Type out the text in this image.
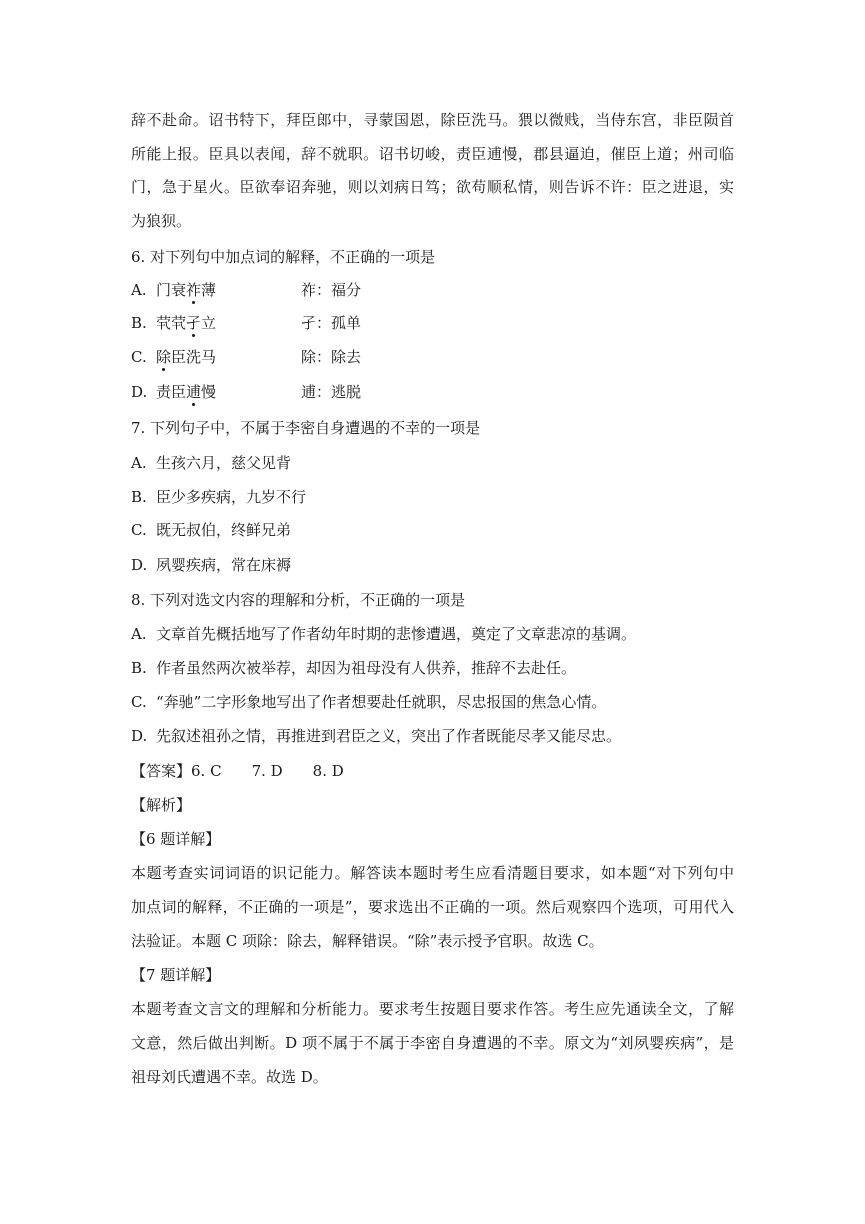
辞不赴命。诏书特下，拜臣郎中，寻蒙国恩，除臣洗马。猥以微贱，当侍东宫，非臣陨首
所能上报。臣具以表闻，辞不就职。诏书切峻，责臣逋慢，郡县逼迫，催臣上道；州司临
门，急于星火。臣欲奉诏奔驰，则以刘病日笃；欲苟顺私情，则告诉不许：臣之进退，实
为狼狈。
6. 对下列句中加点词的解释，不正确的一项是
A. 门衰祚薄	祚：福分
B. 茕茕孑立	孑：孤单
C. 除臣洗马	除：除去
D. 责臣逋慢	逋：逃脱
7. 下列句子中，不属于李密自身遭遇的不幸的一项是
A. 生孩六月，慈父见背
B. 臣少多疾病，九岁不行
C. 既无叔伯，终鲜兄弟
D. 夙婴疾病，常在床褥
8. 下列对选文内容的理解和分析，不正确的一项是
A. 文章首先概括地写了作者幼年时期的悲惨遭遇，奠定了文章悲凉的基调。
B. 作者虽然两次被举荐，却因为祖母没有人供养，推辞不去赴任。
C. “奔驰”二字形象地写出了作者想要赴任就职，尽忠报国的焦急心情。
D. 先叙述祖孙之情，再推进到君臣之义，突出了作者既能尽孝又能尽忠。
【答案】6. C　　7. D　　8. D
【解析】
【6 题详解】
本题考查实词词语的识记能力。解答读本题时考生应看清题目要求，如本题“对下列句中
加点词的解释，不正确的一项是”，要求选出不正确的一项。然后观察四个选项，可用代入
法验证。本题 C 项除：除去，解释错误。“除”表示授予官职。故选 C。
【7 题详解】
本题考查文言文的理解和分析能力。要求考生按题目要求作答。考生应先通读全文，了解
文意，然后做出判断。D 项不属于不属于李密自身遭遇的不幸。原文为“刘夙婴疾病”，是
祖母刘氏遭遇不幸。故选 D。
